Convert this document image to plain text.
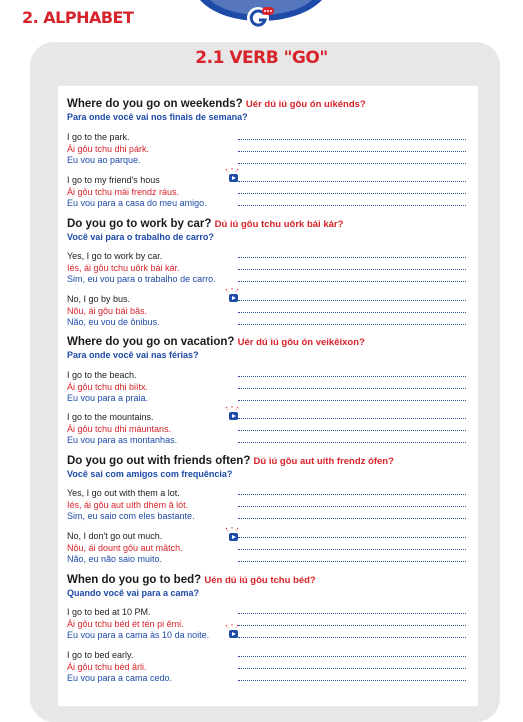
2. ALPHABET
2.1 VERB "GO"
Where do you go on weekends? Uér dú iú gôu ón uíkénds?
Para onde você vai nos finais de semana?
I go to the park.
Ái gôu tchu dhi párk.
Eu vou ao parque.
I go to my friend's hous
Ái gôu tchu mái frendz ráus.
Eu vou para a casa do meu amigo.
Do you go to work by car? Dú iú gôu tchu uôrk bái kár?
Você vai para o trabalho de carro?
Yes, I go to work by car.
Iés, ái gôu tchu uôrk bái kár.
Sim, eu vou para o trabalho de carro.
No, I go by bus.
Nôu, ái gôu bái bâs.
Não, eu vou de ônibus.
Where do you go on vacation? Uér dú iú gôu ón veikêixon?
Para onde você vai nas férias?
I go to the beach.
Ái gôu tchu dhi biítx.
Eu vou para a praia.
I go to the mountains.
Ái gôu tchu dhi máuntans.
Eu vou para as montanhas.
Do you go out with friends often? Dú iú gôu aut uíth frendz ófen?
Você sai com amigos com frequência?
Yes, I go out with them a lot.
Iés, ái gôu aut uíth dhém â lót.
Sim, eu saio com eles bastante.
No, I don't go out much.
Nôu, ái dount gôu aut mâtch.
Não, eu não saio muito.
When do you go to bed? Uén dú iú gôu tchu béd?
Quando você vai para a cama?
I go to bed at 10 PM.
Ái gôu tchu béd ét tén pi êmi.
Eu vou para a cama às 10 da noite.
I go to bed early.
Ái gôu tchu béd ârli.
Eu vou para a cama cedo.
